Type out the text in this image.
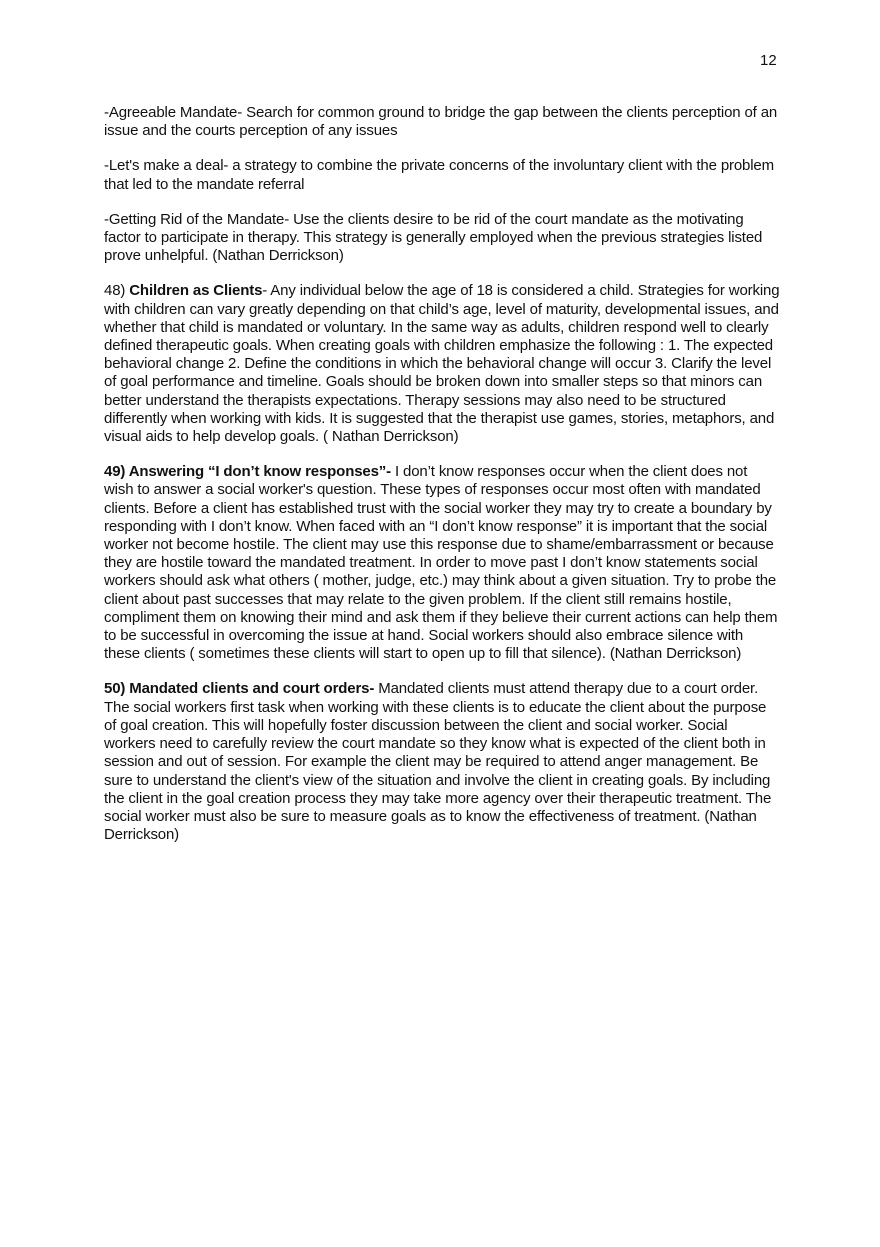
12

-Agreeable Mandate- Search for common ground to bridge the gap between the clients perception of an issue and the courts perception of any issues

-Let's make a deal- a strategy to combine the private concerns of the involuntary client with the problem that led to the mandate referral

-Getting Rid of the Mandate- Use the clients desire to be rid of the court mandate as the motivating factor to participate in therapy. This strategy is generally employed when the previous strategies listed prove unhelpful. (Nathan Derrickson)

48) Children as Clients- Any individual below the age of 18 is considered a child. Strategies for working with children can vary greatly depending on that child’s age, level of maturity, developmental issues, and whether that child is mandated or voluntary. In the same way as adults, children respond well to clearly defined therapeutic goals. When creating goals with children emphasize the following : 1. The expected behavioral change 2. Define the conditions in which the behavioral change will occur 3. Clarify the level of goal performance and timeline. Goals should be broken down into smaller steps so that minors can better understand the therapists expectations. Therapy sessions may also need to be structured differently when working with kids. It is suggested that the therapist use games, stories, metaphors, and visual aids to help develop goals. ( Nathan Derrickson)

49) Answering “I don’t know responses”- I don’t know responses occur when the client does not wish to answer a social worker's question. These types of responses occur most often with mandated clients. Before a client has established trust with the social worker they may try to create a boundary by responding with I don’t know. When faced with an “I don’t know response” it is important that the social worker not become hostile. The client may use this response due to shame/embarrassment or because they are hostile toward the mandated treatment. In order to move past I don’t know statements social workers should ask what others ( mother, judge, etc.) may think about a given situation. Try to probe the client about past successes that may relate to the given problem. If the client still remains hostile, compliment them on knowing their mind and ask them if they believe their current actions can help them to be successful in overcoming the issue at hand. Social workers should also embrace silence with these clients ( sometimes these clients will start to open up to fill that silence). (Nathan Derrickson)

50) Mandated clients and court orders- Mandated clients must attend therapy due to a court order. The social workers first task when working with these clients is to educate the client about the purpose of goal creation. This will hopefully foster discussion between the client and social worker. Social workers need to carefully review the court mandate so they know what is expected of the client both in session and out of session. For example the client may be required to attend anger management. Be sure to understand the client's view of the situation and involve the client in creating goals. By including the client in the goal creation process they may take more agency over their therapeutic treatment. The social worker must also be sure to measure goals as to know the effectiveness of treatment. (Nathan Derrickson)
